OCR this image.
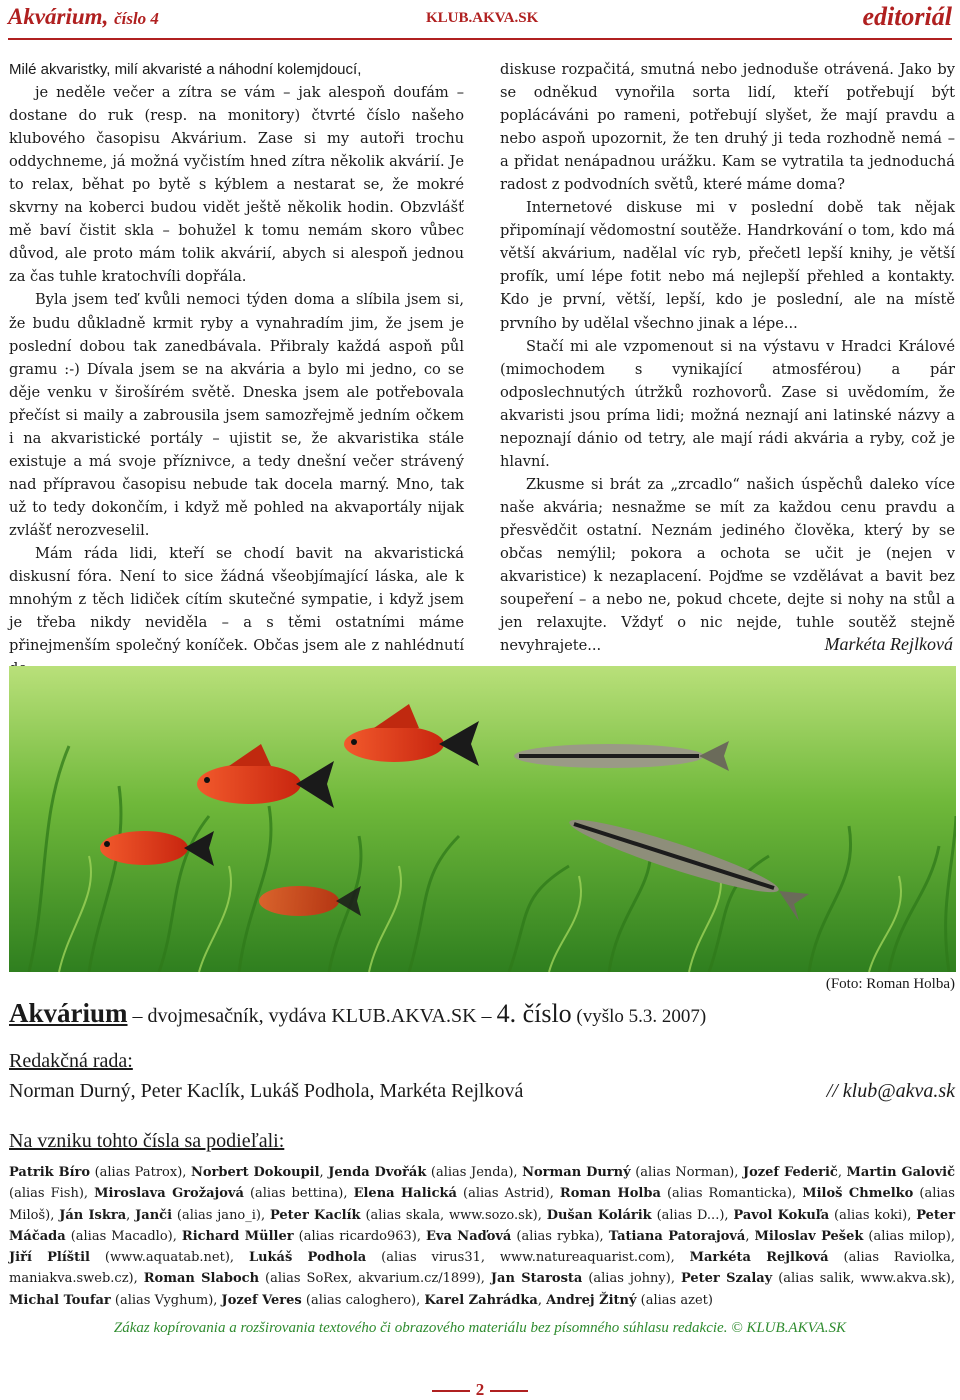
Akvárium, číslo 4	KLUB.AKVA.SK	editoriál

Milé akvaristky, milí akvaristé a náhodní kolemjdoucí,

je neděle večer a zítra se vám – jak alespoň doufám – dostane do ruk (resp. na monitory) čtvrté číslo našeho klubového časopisu Akvárium. Zase si my autoři trochu oddychneme, já možná vyčistím hned zítra několik akvárií. Je to relax, běhat po bytě s kýblem a nestarat se, že mokré skvrny na koberci budou vidět ještě několik hodin. Obzvlášť mě baví čistit skla – bohužel k tomu nemám skoro vůbec důvod, ale proto mám tolik akvárií, abych si alespoň jednou za čas tuhle kratochvíli dopřála.

Byla jsem teď kvůli nemoci týden doma a slíbila jsem si, že budu důkladně krmit ryby a vynahradím jim, že jsem je poslední dobou tak zanedbávala. Přibraly každá aspoň půl gramu :-) Dívala jsem se na akvária a bylo mi jedno, co se děje venku v širošírém světě. Dneska jsem ale potřebovala přečíst si maily a zabrousila jsem samozřejmě jedním očkem i na akvaristické portály – ujistit se, že akvaristika stále existuje a má svoje příznivce, a tedy dnešní večer strávený nad přípravou časopisu nebude tak docela marný. Mno, tak už to tedy dokončím, i když mě pohled na akvaportály nijak zvlášť nerozveselil.

Mám ráda lidi, kteří se chodí bavit na akvaristická diskusní fóra. Není to sice žádná všeobjímající láska, ale k mnohým z těch lidiček cítím skutečné sympatie, i když jsem je třeba nikdy neviděla – a s těmi ostatními máme přinejmenším společný koníček. Občas jsem ale z nahlédnutí

diskuse rozpačitá, smutná nebo jednoduše otrávená. Jako by se odněkud vynořila sorta lidí, kteří potřebují být poplácáváni po rameni, potřebují slyšet, že mají pravdu a nebo aspoň upozornit, že ten druhý ji teda rozhodně nemá – a přidat nenápadnou urážku. Kam se vytratila ta jednoduchá radost z podvodních světů, které máme doma?

Internetové diskuse mi v poslední době tak nějak připomínají vědomostní soutěže. Handrkování o tom, kdo má větší akvárium, nadělal víc ryb, přečetl lepší knihy, je větší profík, umí lépe fotit nebo má nejlepší přehled a kontakty. Kdo je první, větší, lepší, kdo je poslední, ale na místě prvního by udělal všechno jinak a lépe...

Stačí mi ale vzpomenout si na výstavu v Hradci Králové (mimochodem s vynikající atmosférou) a pár odposlechnutých útržků rozhovorů. Zase si uvědomím, že akvaristi jsou príma lidi; možná neznají ani latinské názvy a nepoznají dánio od tetry, ale mají rádi akvária a ryby, což je hlavní.

Zkusme si brát za „zrcadlo“ našich úspěchů daleko více naše akvária; nesnažme se mít za každou cenu pravdu a přesvědčit ostatní. Neznám jediného člověka, který by se občas nemýlil; pokora a ochota se učit je (nejen v akvaristice) k nezaplacení. Pojďme se vzdělávat a bavit bez soupeření – a nebo ne, pokud chcete, dejte si nohy na stůl a jen relaxujte. Vždyť o nic nejde, tuhle soutěž stejně nevyhrajete...	Markéta Rejlková
(Foto: Roman Holba)
Akvárium – dvojmesačník, vydáva KLUB.AKVA.SK – 4. číslo (vyšlo 5.3. 2007)
Redakčná rada:
Norman Durný, Peter Kaclík, Lukáš Podhola, Markéta Rejlková	// klub@akva.sk
Na vzniku tohto čísla sa podieľali:
Patrik Bíro (alias Patrox), Norbert Dokoupil, Jenda Dvořák (alias Jenda), Norman Durný (alias Norman), Jozef Federič, Martin Galovič (alias Fish), Miroslava Grožajová (alias bettina), Elena Halická (alias Astrid), Roman Holba (alias Romanticka), Miloš Chmelko (alias Miloš), Ján Iskra, Janči (alias jano_i), Peter Kaclík (alias skala, www.sozo.sk), Dušan Kolárik (alias D...), Pavol Kokuľa (alias koki), Peter Máčada (alias Macadlo), Richard Müller (alias ricardo963), Eva Naďová (alias rybka), Tatiana Patorajová, Miloslav Pešek (alias milop), Jiří Plíštil (www.aquatab.net), Lukáš Podhola (alias virus31, www.natureaquarist.com), Markéta Rejlková (alias Raviolka, maniakva.sweb.cz), Roman Slaboch (alias SoRex, akvarium.cz/1899), Jan Starosta (alias johny), Peter Szalay (alias salik, www.akva.sk), Michal Toufar (alias Vyghum), Jozef Veres (alias caloghero), Karel Zahrádka, Andrej Žitný (alias azet)
Zákaz kopírovania a rozširovania textového či obrazového materiálu bez písomného súhlasu redakcie. © KLUB.AKVA.SK
2
